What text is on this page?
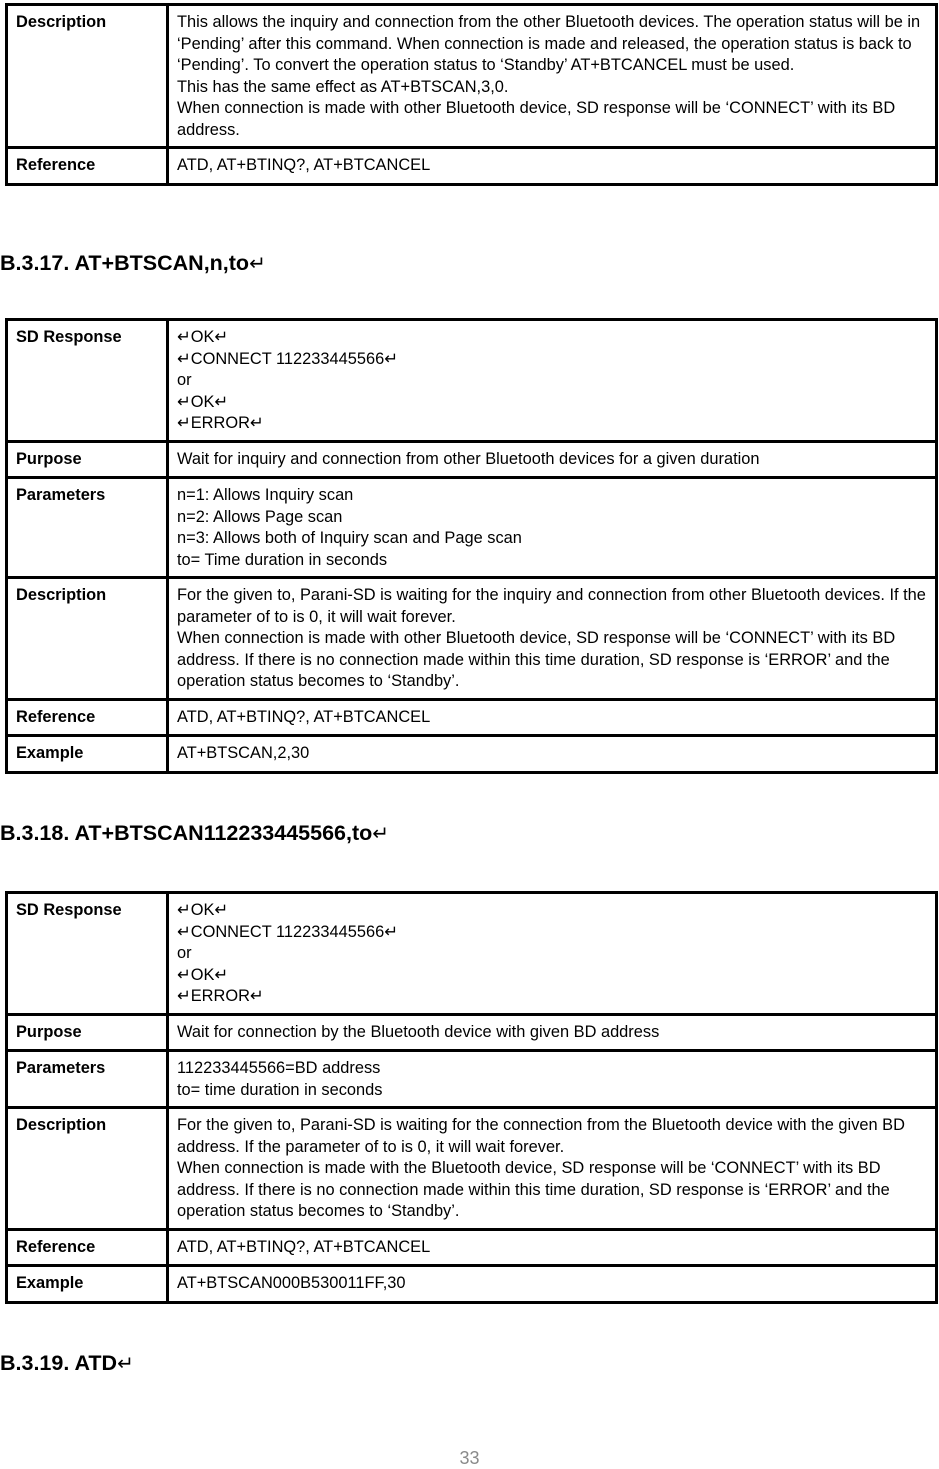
Description	This allows the inquiry and connection from the other Bluetooth devices. The operation status will be in ‘Pending’ after this command. When connection is made and released, the operation status is back to ‘Pending’. To convert the operation status to ‘Standby’ AT+BTCANCEL must be used.
This has the same effect as AT+BTSCAN,3,0.
When connection is made with other Bluetooth device, SD response will be ‘CONNECT’ with its BD address.

Reference	ATD, AT+BTINQ?, AT+BTCANCEL
B.3.17. AT+BTSCAN,n,to↵
SD Response	↵OK↵
↵CONNECT 112233445566↵
or
↵OK↵
↵ERROR↵

Purpose	Wait for inquiry and connection from other Bluetooth devices for a given duration

Parameters	n=1: Allows Inquiry scan
n=2: Allows Page scan
n=3: Allows both of Inquiry scan and Page scan
to= Time duration in seconds

Description	For the given to, Parani-SD is waiting for the inquiry and connection from other Bluetooth devices. If the parameter of to is 0, it will wait forever.
When connection is made with other Bluetooth device, SD response will be ‘CONNECT’ with its BD address. If there is no connection made within this time duration, SD response is ‘ERROR’ and the operation status becomes to ‘Standby’.

Reference	ATD, AT+BTINQ?, AT+BTCANCEL

Example	AT+BTSCAN,2,30
B.3.18. AT+BTSCAN112233445566,to↵
SD Response	↵OK↵
↵CONNECT 112233445566↵
or
↵OK↵
↵ERROR↵

Purpose	Wait for connection by the Bluetooth device with given BD address

Parameters	112233445566=BD address
to= time duration in seconds

Description	For the given to, Parani-SD is waiting for the connection from the Bluetooth device with the given BD address. If the parameter of to is 0, it will wait forever.
When connection is made with the Bluetooth device, SD response will be ‘CONNECT’ with its BD address. If there is no connection made within this time duration, SD response is ‘ERROR’ and the operation status becomes to ‘Standby’.

Reference	ATD, AT+BTINQ?, AT+BTCANCEL

Example	AT+BTSCAN000B530011FF,30
B.3.19. ATD↵
33
